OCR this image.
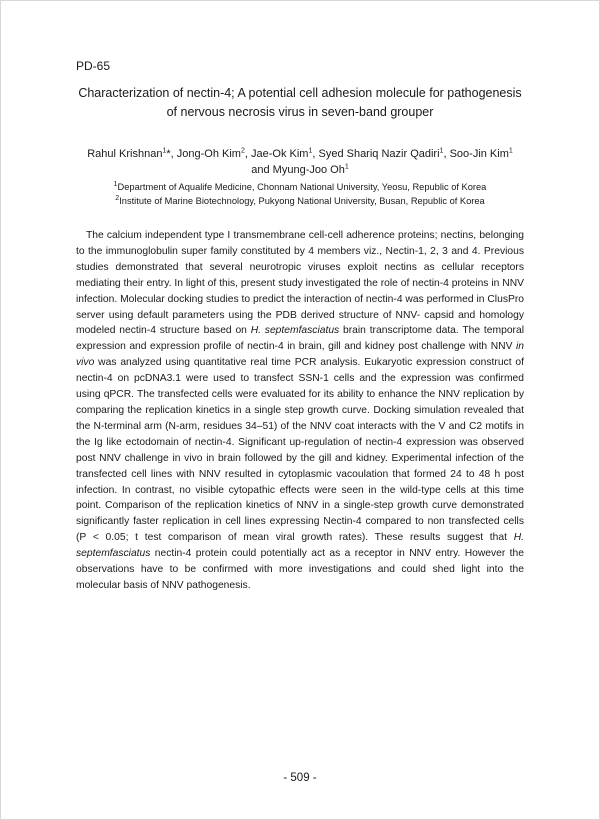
PD-65
Characterization of nectin-4; A potential cell adhesion molecule for pathogenesis
of nervous necrosis virus in seven-band grouper
Rahul Krishnan$^1$*, Jong-Oh Kim$^2$, Jae-Ok Kim$^1$, Syed Shariq Nazir Qadiri$^1$, Soo-Jin Kim$^1$
and Myung-Joo Oh$^1$
$^1$Department of Aqualife Medicine, Chonnam National University, Yeosu, Republic of Korea
$^2$Institute of Marine Biotechnology, Pukyong National University, Busan, Republic of Korea

The calcium independent type I transmembrane cell-cell adherence proteins; nectins, belonging to the immunoglobulin super family constituted by 4 members viz., Nectin-1, 2, 3 and 4. Previous studies demonstrated that several neurotropic viruses exploit nectins as cellular receptors mediating their entry. In light of this, present study investigated the role of nectin-4 proteins in NNV infection. Molecular docking studies to predict the interaction of nectin-4 was performed in ClusPro server using default parameters using the PDB derived structure of NNV- capsid and homology modeled nectin-4 structure based on H. septemfasciatus brain transcriptome data. The temporal expression and expression profile of nectin-4 in brain, gill and kidney post challenge with NNV in vivo was analyzed using quantitative real time PCR analysis. Eukaryotic expression construct of nectin-4 on pcDNA3.1 were used to transfect SSN-1 cells and the expression was confirmed using qPCR. The transfected cells were evaluated for its ability to enhance the NNV replication by comparing the replication kinetics in a single step growth curve. Docking simulation revealed that the N-terminal arm (N-arm, residues 34–51) of the NNV coat interacts with the V and C2 motifs in the Ig like ectodomain of nectin-4. Significant up-regulation of nectin-4 expression was observed post NNV challenge in vivo in brain followed by the gill and kidney. Experimental infection of the transfected cell lines with NNV resulted in cytoplasmic vacoulation that formed 24 to 48 h post infection. In contrast, no visible cytopathic effects were seen in the wild-type cells at this time point. Comparison of the replication kinetics of NNV in a single-step growth curve demonstrated significantly faster replication in cell lines expressing Nectin-4 compared to non transfected cells (P < 0.05; t test comparison of mean viral growth rates). These results suggest that H. septemfasciatus nectin-4 protein could potentially act as a receptor in NNV entry. However the observations have to be confirmed with more investigations and could shed light into the molecular basis of NNV pathogenesis.

- 509 -
